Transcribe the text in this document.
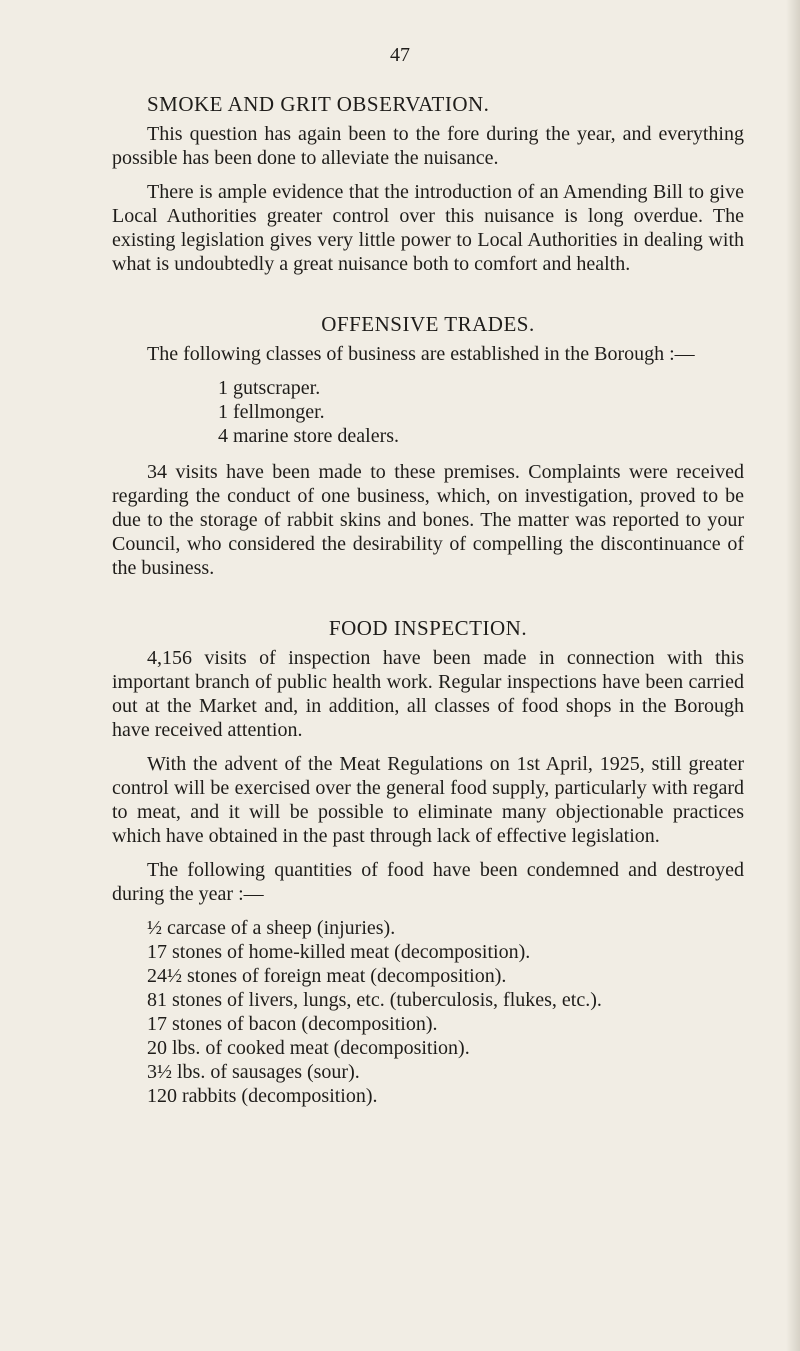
47
SMOKE AND GRIT OBSERVATION.

This question has again been to the fore during the year, and everything possible has been done to alleviate the nuisance.

There is ample evidence that the introduction of an Amending Bill to give Local Authorities greater control over this nuisance is long overdue. The existing legislation gives very little power to Local Authorities in dealing with what is undoubtedly a great nuisance both to comfort and health.

OFFENSIVE TRADES.

The following classes of business are established in the Borough :—

1 gutscraper.
1 fellmonger.
4 marine store dealers.

34 visits have been made to these premises. Complaints were received regarding the conduct of one business, which, on investigation, proved to be due to the storage of rabbit skins and bones. The matter was reported to your Council, who considered the desirability of compelling the discontinuance of the business.

FOOD INSPECTION.

4,156 visits of inspection have been made in connection with this important branch of public health work. Regular inspections have been carried out at the Market and, in addition, all classes of food shops in the Borough have received attention.

With the advent of the Meat Regulations on 1st April, 1925, still greater control will be exercised over the general food supply, particularly with regard to meat, and it will be possible to eliminate many objectionable practices which have obtained in the past through lack of effective legislation.

The following quantities of food have been condemned and destroyed during the year :—

½ carcase of a sheep (injuries).
17 stones of home-killed meat (decomposition).
24½ stones of foreign meat (decomposition).
81 stones of livers, lungs, etc. (tuberculosis, flukes, etc.).
17 stones of bacon (decomposition).
20 lbs. of cooked meat (decomposition).
3½ lbs. of sausages (sour).
120 rabbits (decomposition).
